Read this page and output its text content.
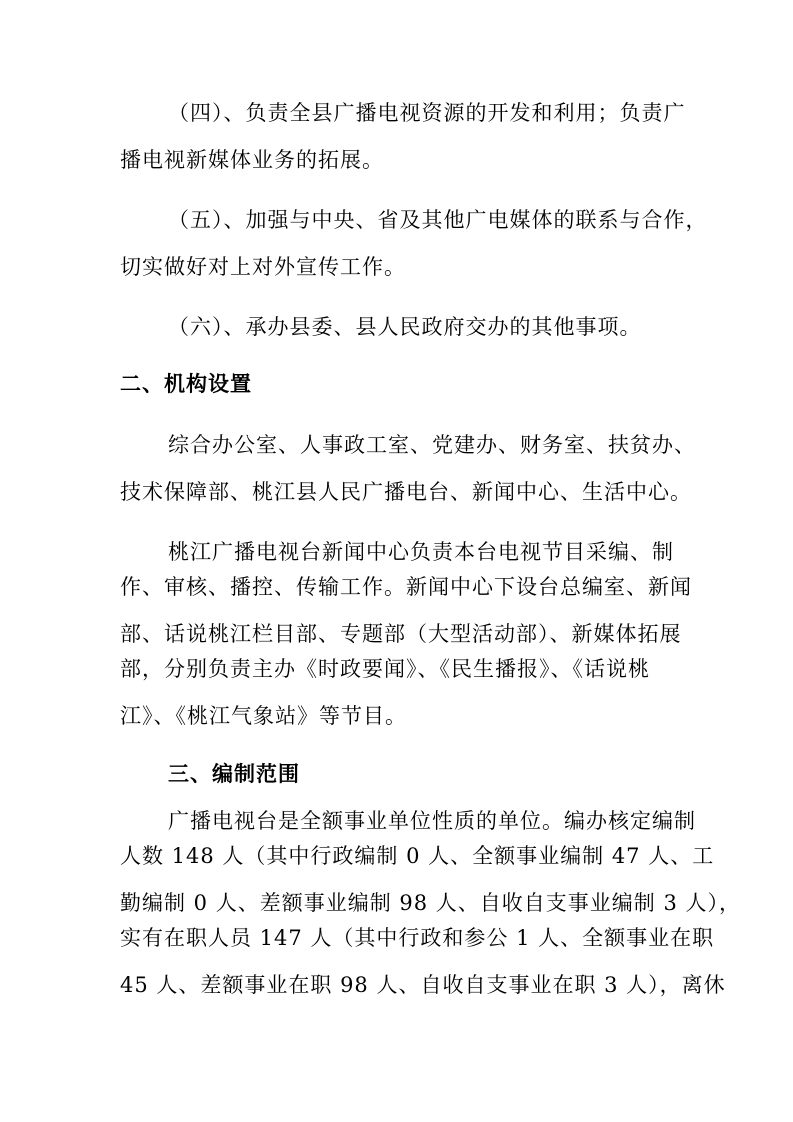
（四）、负责全县广播电视资源的开发和利用；负责广
播电视新媒体业务的拓展。
（五）、加强与中央、省及其他广电媒体的联系与合作，
切实做好对上对外宣传工作。
（六）、承办县委、县人民政府交办的其他事项。
二、机构设置
综合办公室、人事政工室、党建办、财务室、扶贫办、
技术保障部、桃江县人民广播电台、新闻中心、生活中心。
桃江广播电视台新闻中心负责本台电视节目采编、制
作、审核、播控、传输工作。新闻中心下设台总编室、新闻
部、话说桃江栏目部、专题部（大型活动部）、新媒体拓展
部，分别负责主办《时政要闻》、《民生播报》、《话说桃
江》、《桃江气象站》等节目。
三、编制范围
广播电视台是全额事业单位性质的单位。编办核定编制
人数 148 人（其中行政编制 0 人、全额事业编制 47 人、工
勤编制 0 人、差额事业编制 98 人、自收自支事业编制 3 人），
实有在职人员 147 人（其中行政和参公 1 人、全额事业在职
45 人、差额事业在职 98 人、自收自支事业在职 3 人），离休
